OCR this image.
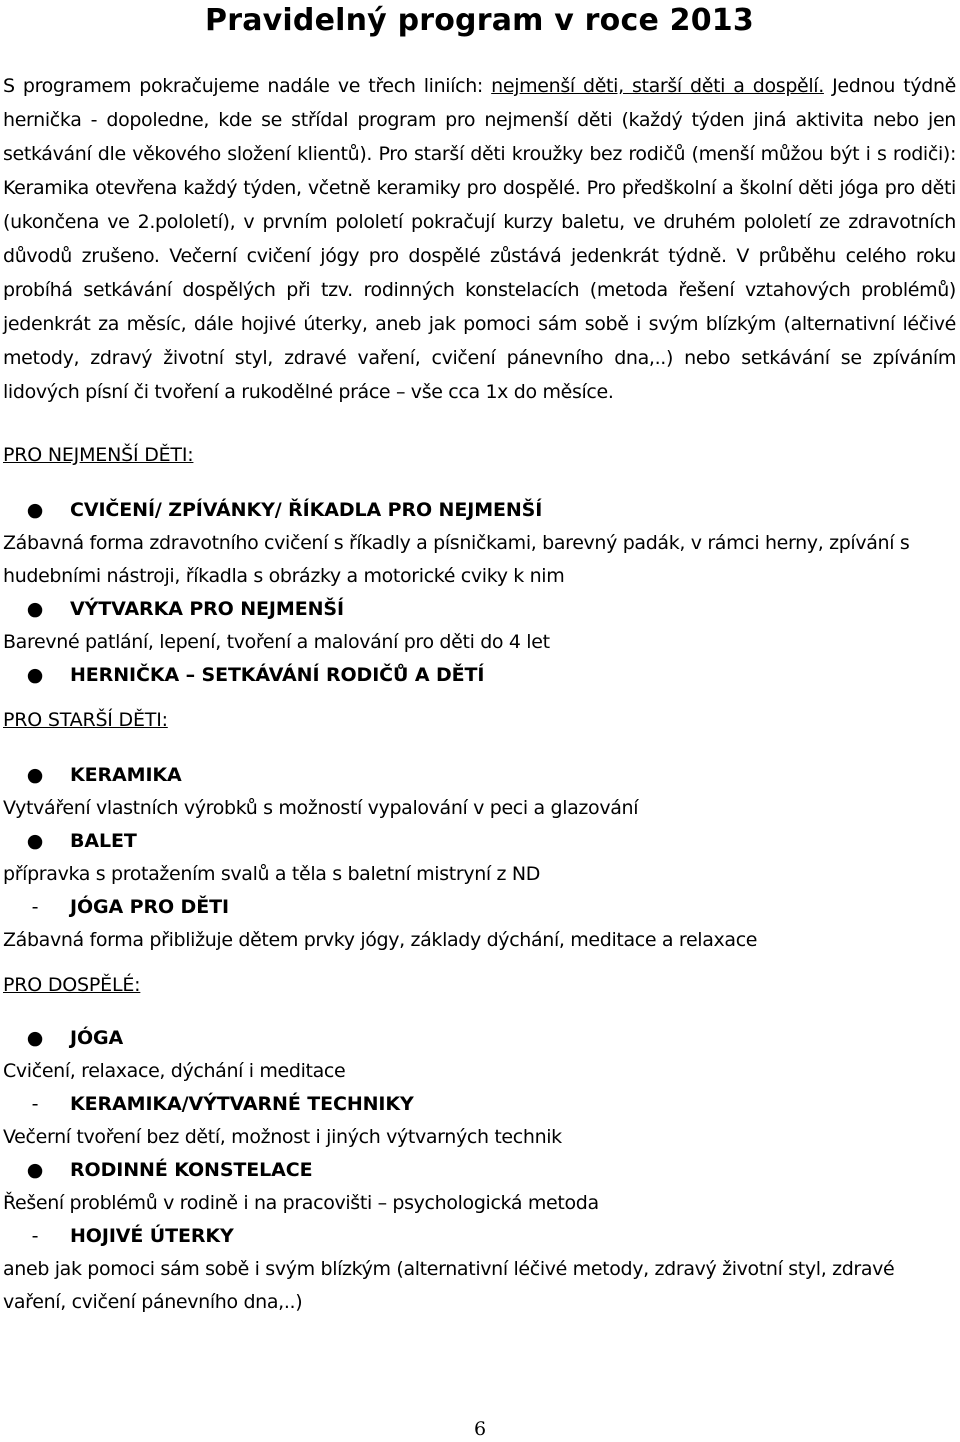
Pravidelný program v roce 2013

S programem pokračujeme nadále ve třech liniích: nejmenší děti, starší děti a dospělí. Jednou týdně hernička - dopoledne, kde se střídal program pro nejmenší děti (každý týden jiná aktivita nebo jen setkávání dle věkového složení klientů). Pro starší děti kroužky bez rodičů (menší můžou být i s rodiči): Keramika otevřena každý týden, včetně keramiky pro dospělé. Pro předškolní a školní děti jóga pro děti (ukončena ve 2.pololetí), v prvním pololetí pokračují kurzy baletu, ve druhém pololetí ze zdravotních důvodů zrušeno. Večerní cvičení jógy pro dospělé zůstává jedenkrát týdně. V průběhu celého roku probíhá setkávání dospělých při tzv. rodinných konstelacích (metoda řešení vztahových problémů) jedenkrát za měsíc, dále hojivé úterky, aneb jak pomoci sám sobě i svým blízkým (alternativní léčivé metody, zdravý životní styl, zdravé vaření, cvičení pánevního dna,..) nebo setkávání se zpíváním lidových písní či tvoření a rukodělné práce – vše cca 1x do měsíce.

PRO NEJMENŠÍ DĚTI:

● CVIČENÍ/ ZPÍVÁNKY/ ŘÍKADLA PRO NEJMENŠÍ

Zábavná forma zdravotního cvičení s říkadly a písničkami, barevný padák, v rámci herny, zpívání s hudebními nástroji, říkadla s obrázky a motorické cviky k nim

● VÝTVARKA PRO NEJMENŠÍ

Barevné patlání, lepení, tvoření a malování pro děti do 4 let

● HERNIČKA – SETKÁVÁNÍ RODIČŮ A DĚTÍ

PRO STARŠÍ DĚTI:

● KERAMIKA

Vytváření vlastních výrobků s možností vypalování v peci a glazování

● BALET

přípravka s protažením svalů a těla s baletní mistryní z ND

-	JÓGA PRO DĚTI

Zábavná forma přibližuje dětem prvky jógy, základy dýchání, meditace a relaxace

PRO DOSPĚLÉ:

● JÓGA

Cvičení, relaxace, dýchání i meditace

-	KERAMIKA/VÝTVARNÉ TECHNIKY

Večerní tvoření bez dětí, možnost i jiných výtvarných technik

● RODINNÉ KONSTELACE

Řešení problémů v rodině i na pracovišti – psychologická metoda

-	HOJIVÉ ÚTERKY

aneb jak pomoci sám sobě i svým blízkým (alternativní léčivé metody, zdravý životní styl, zdravé vaření, cvičení pánevního dna,..)

6
